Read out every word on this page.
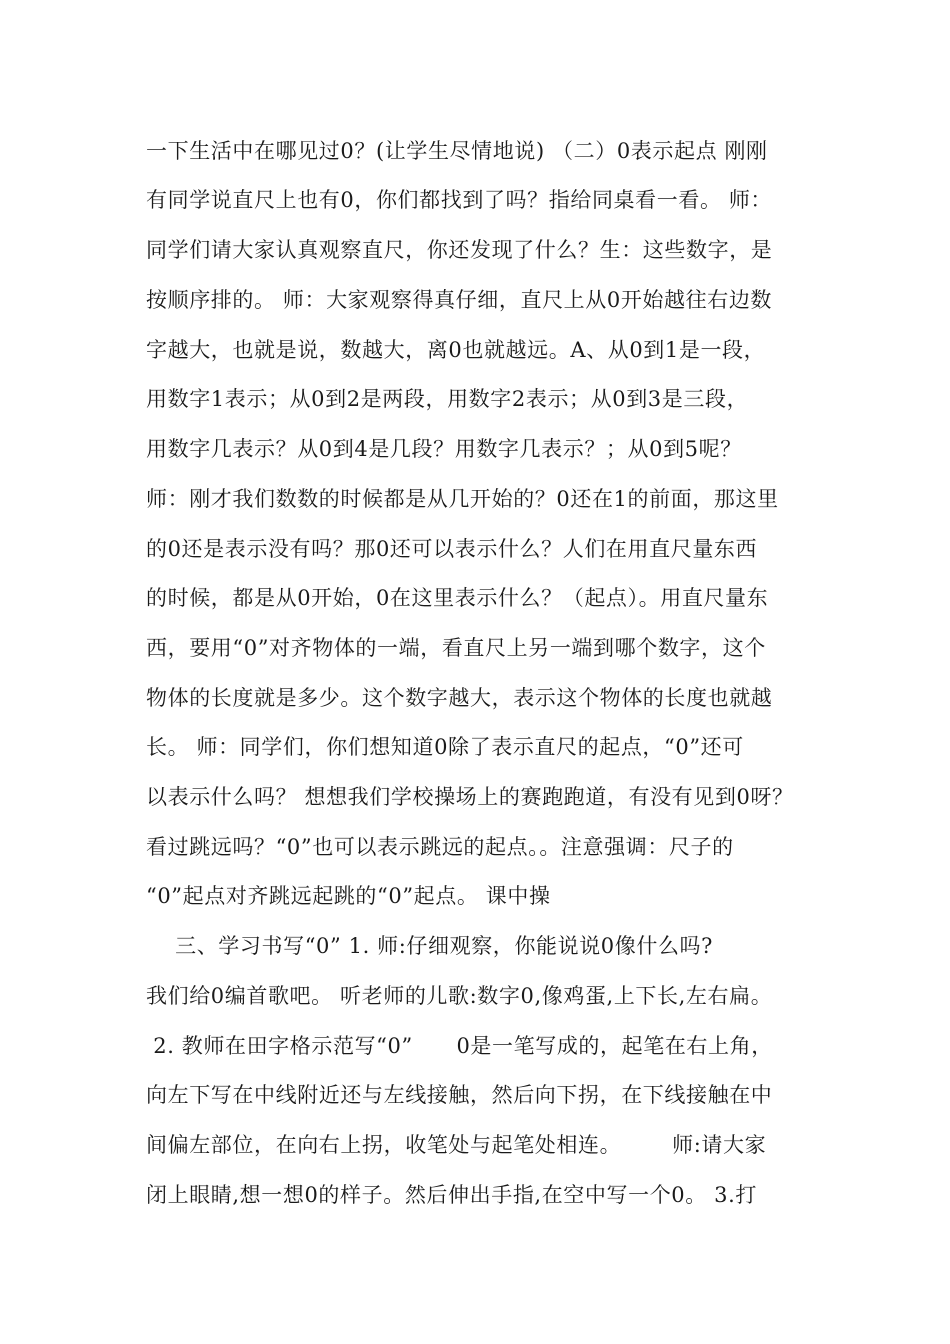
一下生活中在哪见过0？(让学生尽情地说) （二）0表示起点 刚刚
有同学说直尺上也有0，你们都找到了吗？指给同桌看一看。 师：
同学们请大家认真观察直尺，你还发现了什么？生：这些数字，是
按顺序排的。 师：大家观察得真仔细，直尺上从0开始越往右边数
字越大，也就是说，数越大，离0也就越远。A、从0到1是一段，
用数字1表示；从0到2是两段，用数字2表示；从0到3是三段，
用数字几表示？从0到4是几段？用数字几表示？；从0到5呢？
师：刚才我们数数的时候都是从几开始的？0还在1的前面，那这里
的0还是表示没有吗？那0还可以表示什么？人们在用直尺量东西
的时候，都是从0开始，0在这里表示什么？（起点）。用直尺量东
西，要用“0”对齐物体的一端，看直尺上另一端到哪个数字，这个
物体的长度就是多少。这个数字越大，表示这个物体的长度也就越
长。 师：同学们，你们想知道0除了表示直尺的起点，“0”还可
以表示什么吗？ 想想我们学校操场上的赛跑跑道，有没有见到0呀？
看过跳远吗？“0”也可以表示跳远的起点。。注意强调：尺子的
“0”起点对齐跳远起跳的“0”起点。 课中操
三、学习书写“0” 1. 师:仔细观察，你能说说0像什么吗?
我们给0编首歌吧。 听老师的儿歌:数字0,像鸡蛋,上下长,左右扁。
2. 教师在田字格示范写“0”      0是一笔写成的，起笔在右上角，
向左下写在中线附近还与左线接触，然后向下拐，在下线接触在中
间偏左部位，在向右上拐，收笔处与起笔处相连。       师:请大家
闭上眼睛,想一想0的样子。然后伸出手指,在空中写一个0。 3.打
